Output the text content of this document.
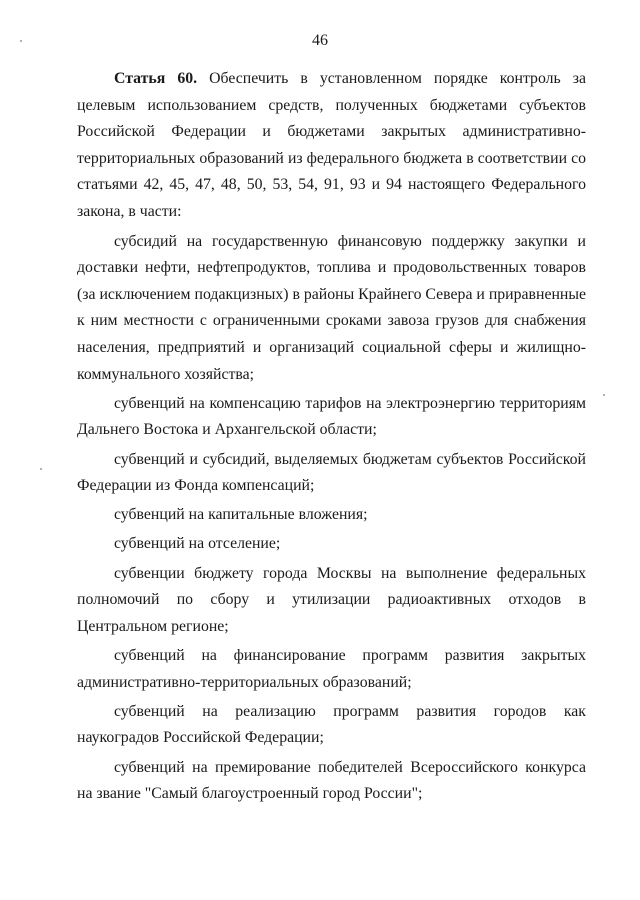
46

Статья 60. Обеспечить в установленном порядке контроль за целевым использованием средств, полученных бюджетами субъектов Российской Федерации и бюджетами закрытых административно-территориальных образований из федерального бюджета в соответствии со статьями 42, 45, 47, 48, 50, 53, 54, 91, 93 и 94 настоящего Федерального закона, в части:

субсидий на государственную финансовую поддержку закупки и доставки нефти, нефтепродуктов, топлива и продовольственных товаров (за исключением подакцизных) в районы Крайнего Севера и приравненные к ним местности с ограниченными сроками завоза грузов для снабжения населения, предприятий и организаций социальной сферы и жилищно-коммунального хозяйства;

субвенций на компенсацию тарифов на электроэнергию территориям Дальнего Востока и Архангельской области;

субвенций и субсидий, выделяемых бюджетам субъектов Российской Федерации из Фонда компенсаций;

субвенций на капитальные вложения;

субвенций на отселение;

субвенции бюджету города Москвы на выполнение федеральных полномочий по сбору и утилизации радиоактивных отходов в Центральном регионе;

субвенций на финансирование программ развития закрытых административно-территориальных образований;

субвенций на реализацию программ развития городов как наукоградов Российской Федерации;

субвенций на премирование победителей Всероссийского конкурса на звание "Самый благоустроенный город России";
